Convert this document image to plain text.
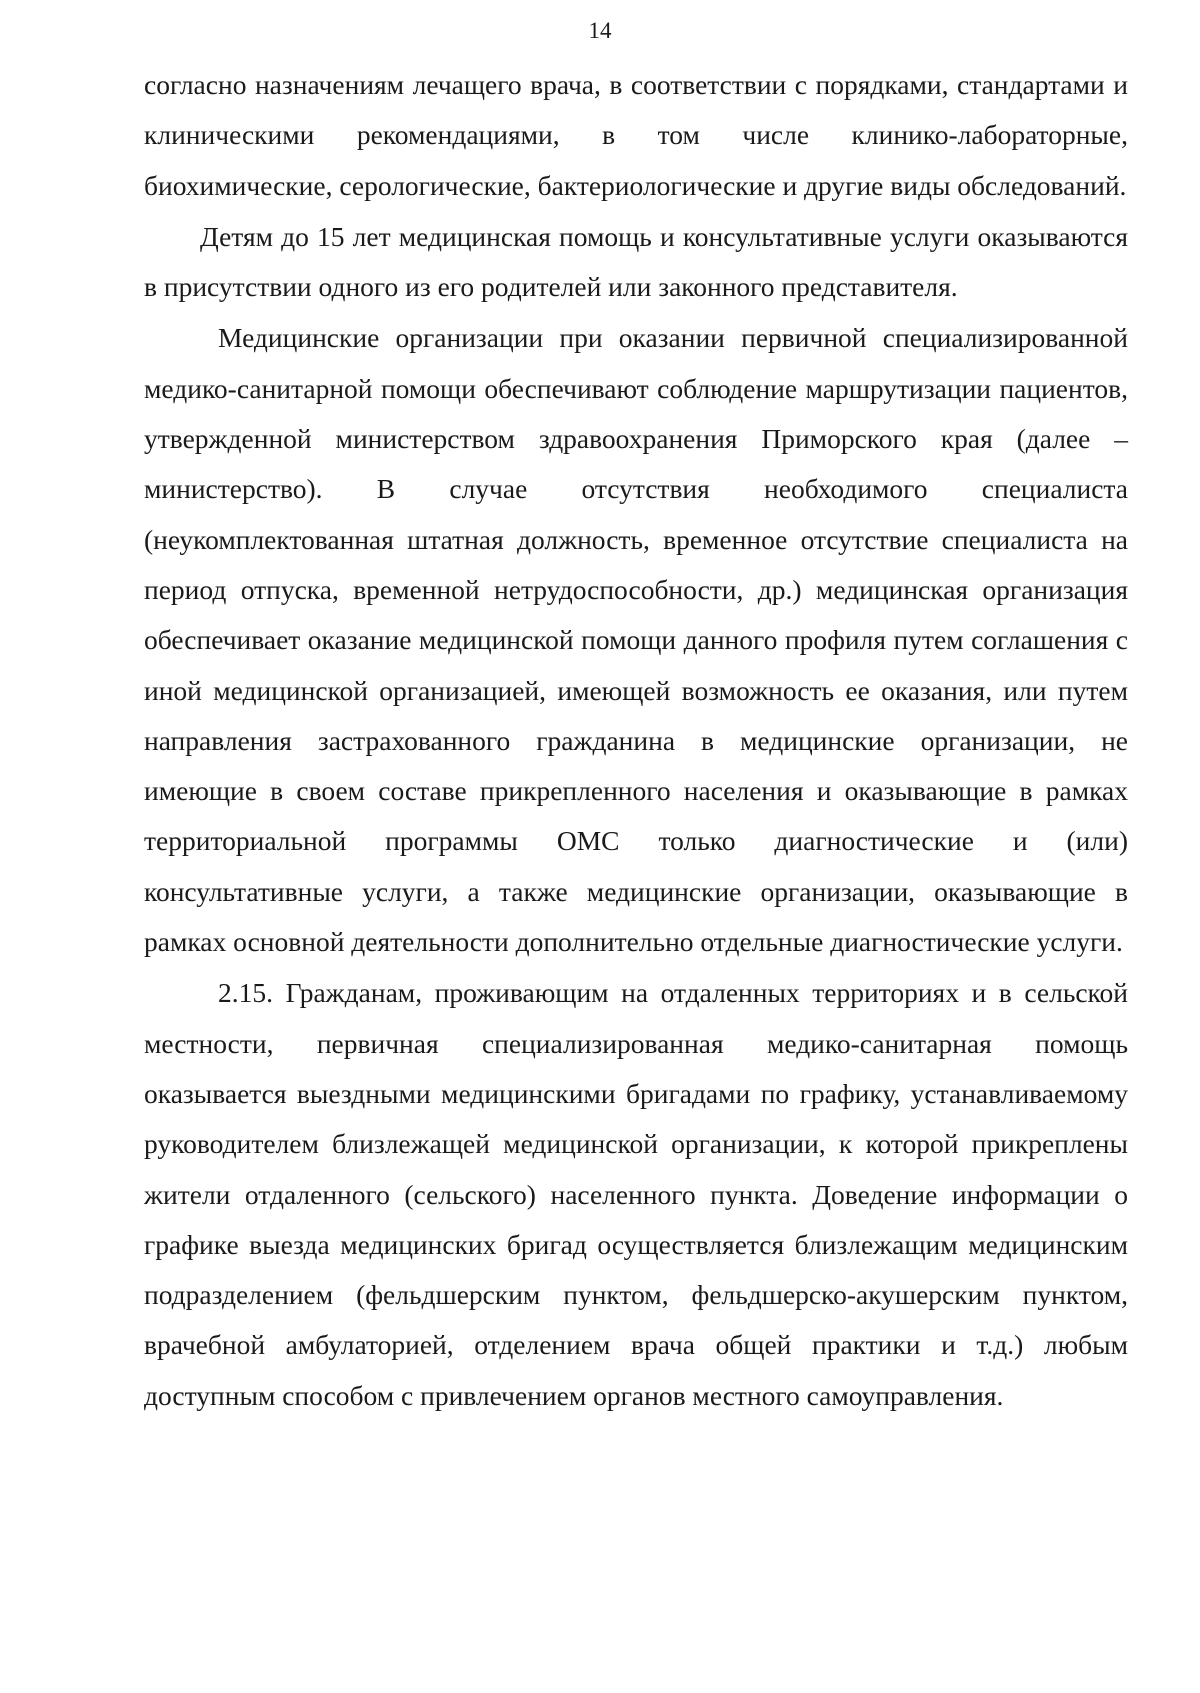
14

согласно назначениям лечащего врача, в соответствии с порядками, стандартами и клиническими рекомендациями, в том числе клинико-лабораторные, биохимические, серологические, бактериологические и другие виды обследований.

Детям до 15 лет медицинская помощь и консультативные услуги оказываются в присутствии одного из его родителей или законного представителя.

Медицинские организации при оказании первичной специализированной медико-санитарной помощи обеспечивают соблюдение маршрутизации пациентов, утвержденной министерством здравоохранения Приморского края (далее – министерство). В случае отсутствия необходимого специалиста (неукомплектованная штатная должность, временное отсутствие специалиста на период отпуска, временной нетрудоспособности, др.) медицинская организация обеспечивает оказание медицинской помощи данного профиля путем соглашения с иной медицинской организацией, имеющей возможность ее оказания, или путем направления застрахованного гражданина в медицинские организации, не имеющие в своем составе прикрепленного населения и оказывающие в рамках территориальной программы ОМС только диагностические и (или) консультативные услуги, а также медицинские организации, оказывающие в рамках основной деятельности дополнительно отдельные диагностические услуги.

2.15. Гражданам, проживающим на отдаленных территориях и в сельской местности, первичная специализированная медико-санитарная помощь оказывается выездными медицинскими бригадами по графику, устанавливаемому руководителем близлежащей медицинской организации, к которой прикреплены жители отдаленного (сельского) населенного пункта. Доведение информации о графике выезда медицинских бригад осуществляется близлежащим медицинским подразделением (фельдшерским пунктом, фельдшерско-акушерским пунктом, врачебной амбулаторией, отделением врача общей практики и т.д.) любым доступным способом с привлечением органов местного самоуправления.
